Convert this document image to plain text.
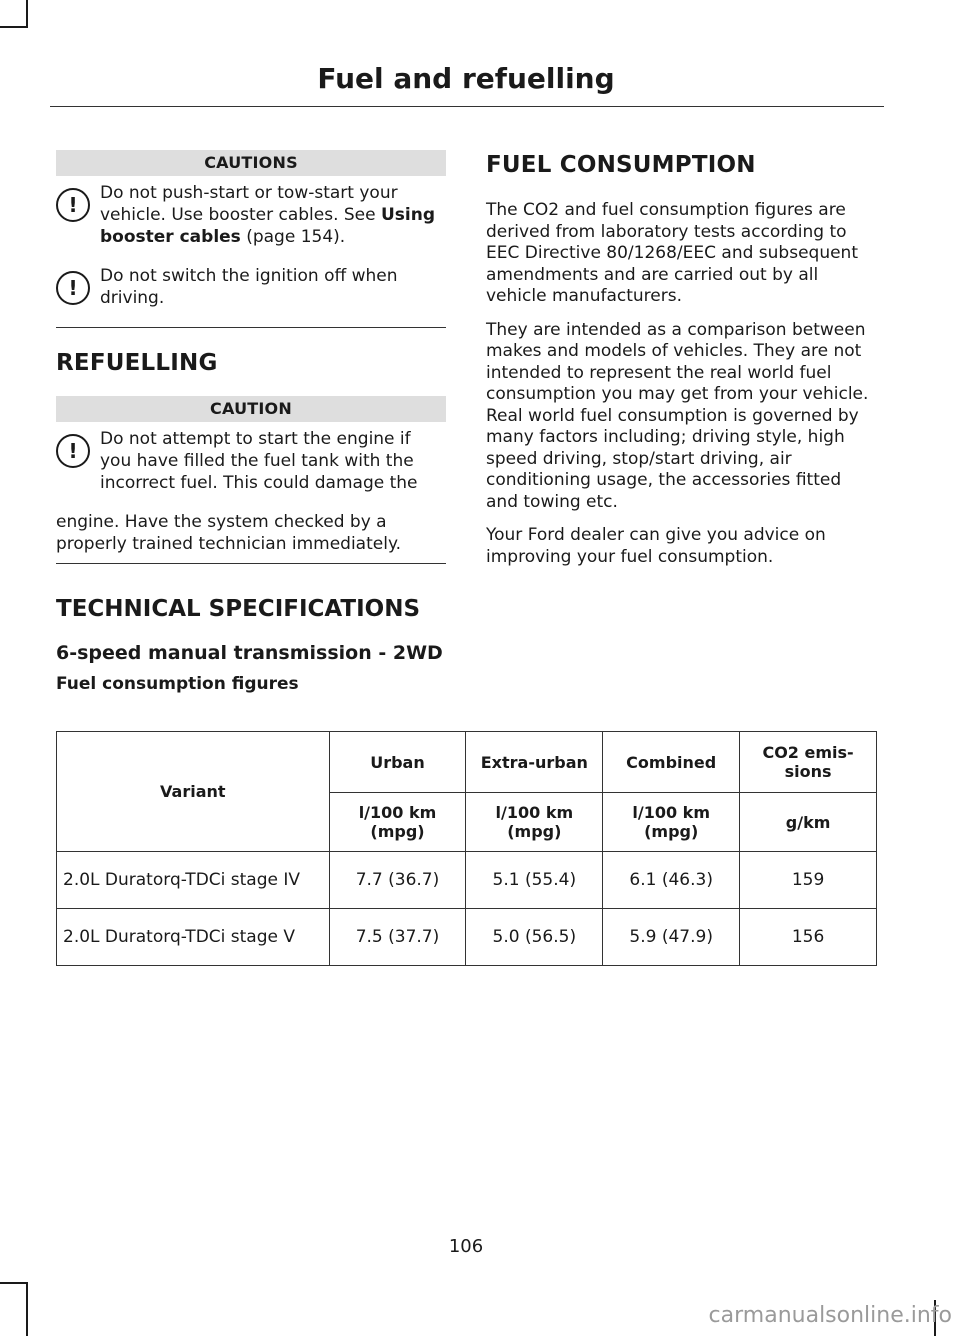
Fuel and refuelling
CAUTIONS
!	Do not push-start or tow-start your vehicle. Use booster cables. See Using booster cables (page 154).

!	Do not switch the ignition off when driving.

REFUELLING
CAUTION
!	Do not attempt to start the engine if you have filled the fuel tank with the incorrect fuel. This could damage the

engine. Have the system checked by a properly trained technician immediately.

FUEL CONSUMPTION

The CO2 and fuel consumption figures are derived from laboratory tests according to EEC Directive 80/1268/EEC and subsequent amendments and are carried out by all vehicle manufacturers.

They are intended as a comparison between makes and models of vehicles. They are not intended to represent the real world fuel consumption you may get from your vehicle. Real world fuel consumption is governed by many factors including; driving style, high speed driving, stop/start driving, air conditioning usage, the accessories fitted and towing etc.

Your Ford dealer can give you advice on improving your fuel consumption.

TECHNICAL SPECIFICATIONS
6-speed manual transmission - 2WD
Fuel consumption figures
Variant	Urban	Extra-urban	Combined	CO2 emis-sions
	l/100 km (mpg)	l/100 km (mpg)	l/100 km (mpg)	g/km
2.0L Duratorq-TDCi stage IV	7.7 (36.7)	5.1 (55.4)	6.1 (46.3)	159
2.0L Duratorq-TDCi stage V	7.5 (37.7)	5.0 (56.5)	5.9 (47.9)	156
106
carmanualsonline.info
